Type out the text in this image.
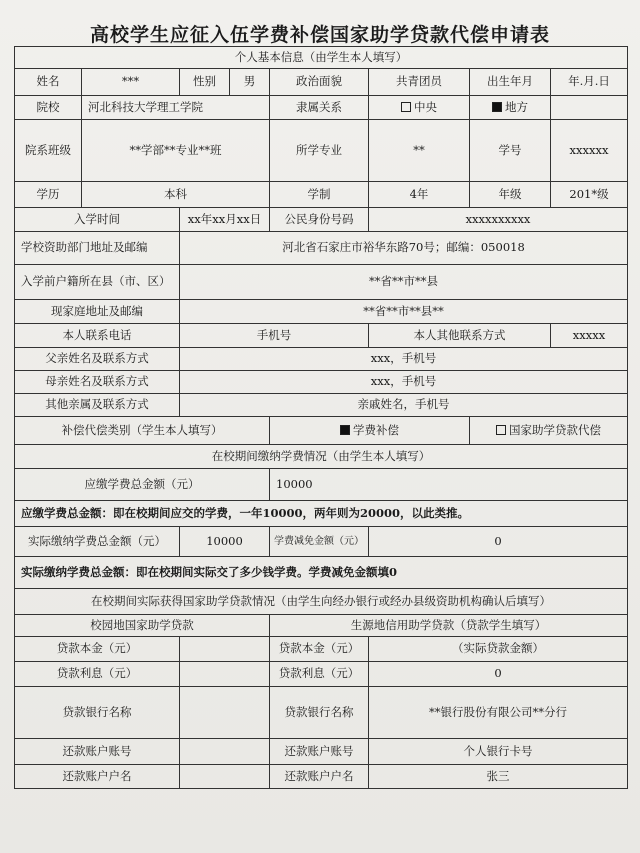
高校学生应征入伍学费补偿国家助学贷款代偿申请表
个人基本信息（由学生本人填写）							
姓名	***	性别	男	政治面貌	共青团员	出生年月	年.月.日
院校	河北科技大学理工学院			隶属关系	中央	地方	
院系班级	**学部**专业**班			所学专业	**	学号	xxxxxx
学历	本科			学制	4年	年级	201*级
入学时间		xx年xx月xx日		公民身份号码	xxxxxxxxxx		
学校资助部门地址及邮编		河北省石家庄市裕华东路70号；邮编：050018					
入学前户籍所在县（市、区）		**省**市**县					
现家庭地址及邮编		**省**市**县**					
本人联系电话		手机号			本人其他联系方式		xxxxx
父亲姓名及联系方式		xxx，手机号					
母亲姓名及联系方式		xxx，手机号					
其他亲属及联系方式		亲戚姓名，手机号					
补偿代偿类别（学生本人填写）				学费补偿		国家助学贷款代偿	
在校期间缴纳学费情况（由学生本人填写）							
应缴学费总金额（元）				10000			
应缴学费总金额：即在校期间应交的学费，一年10000，两年则为20000，以此类推。							
实际缴纳学费总金额（元）		10000		学费减免金额（元）	0		
实际缴纳学费总金额：即在校期间实际交了多少钱学费。学费减免金额填0							
在校期间实际获得国家助学贷款情况（由学生向经办银行或经办县级资助机构确认后填写）							
校园地国家助学贷款				生源地信用助学贷款（贷款学生填写）			
贷款本金（元）				贷款本金（元）	（实际贷款金额）		
贷款利息（元）				贷款利息（元）	0		
贷款银行名称				贷款银行名称	**银行股份有限公司**分行		
还款账户账号				还款账户账号	个人银行卡号		
还款账户户名				还款账户户名	张三		
